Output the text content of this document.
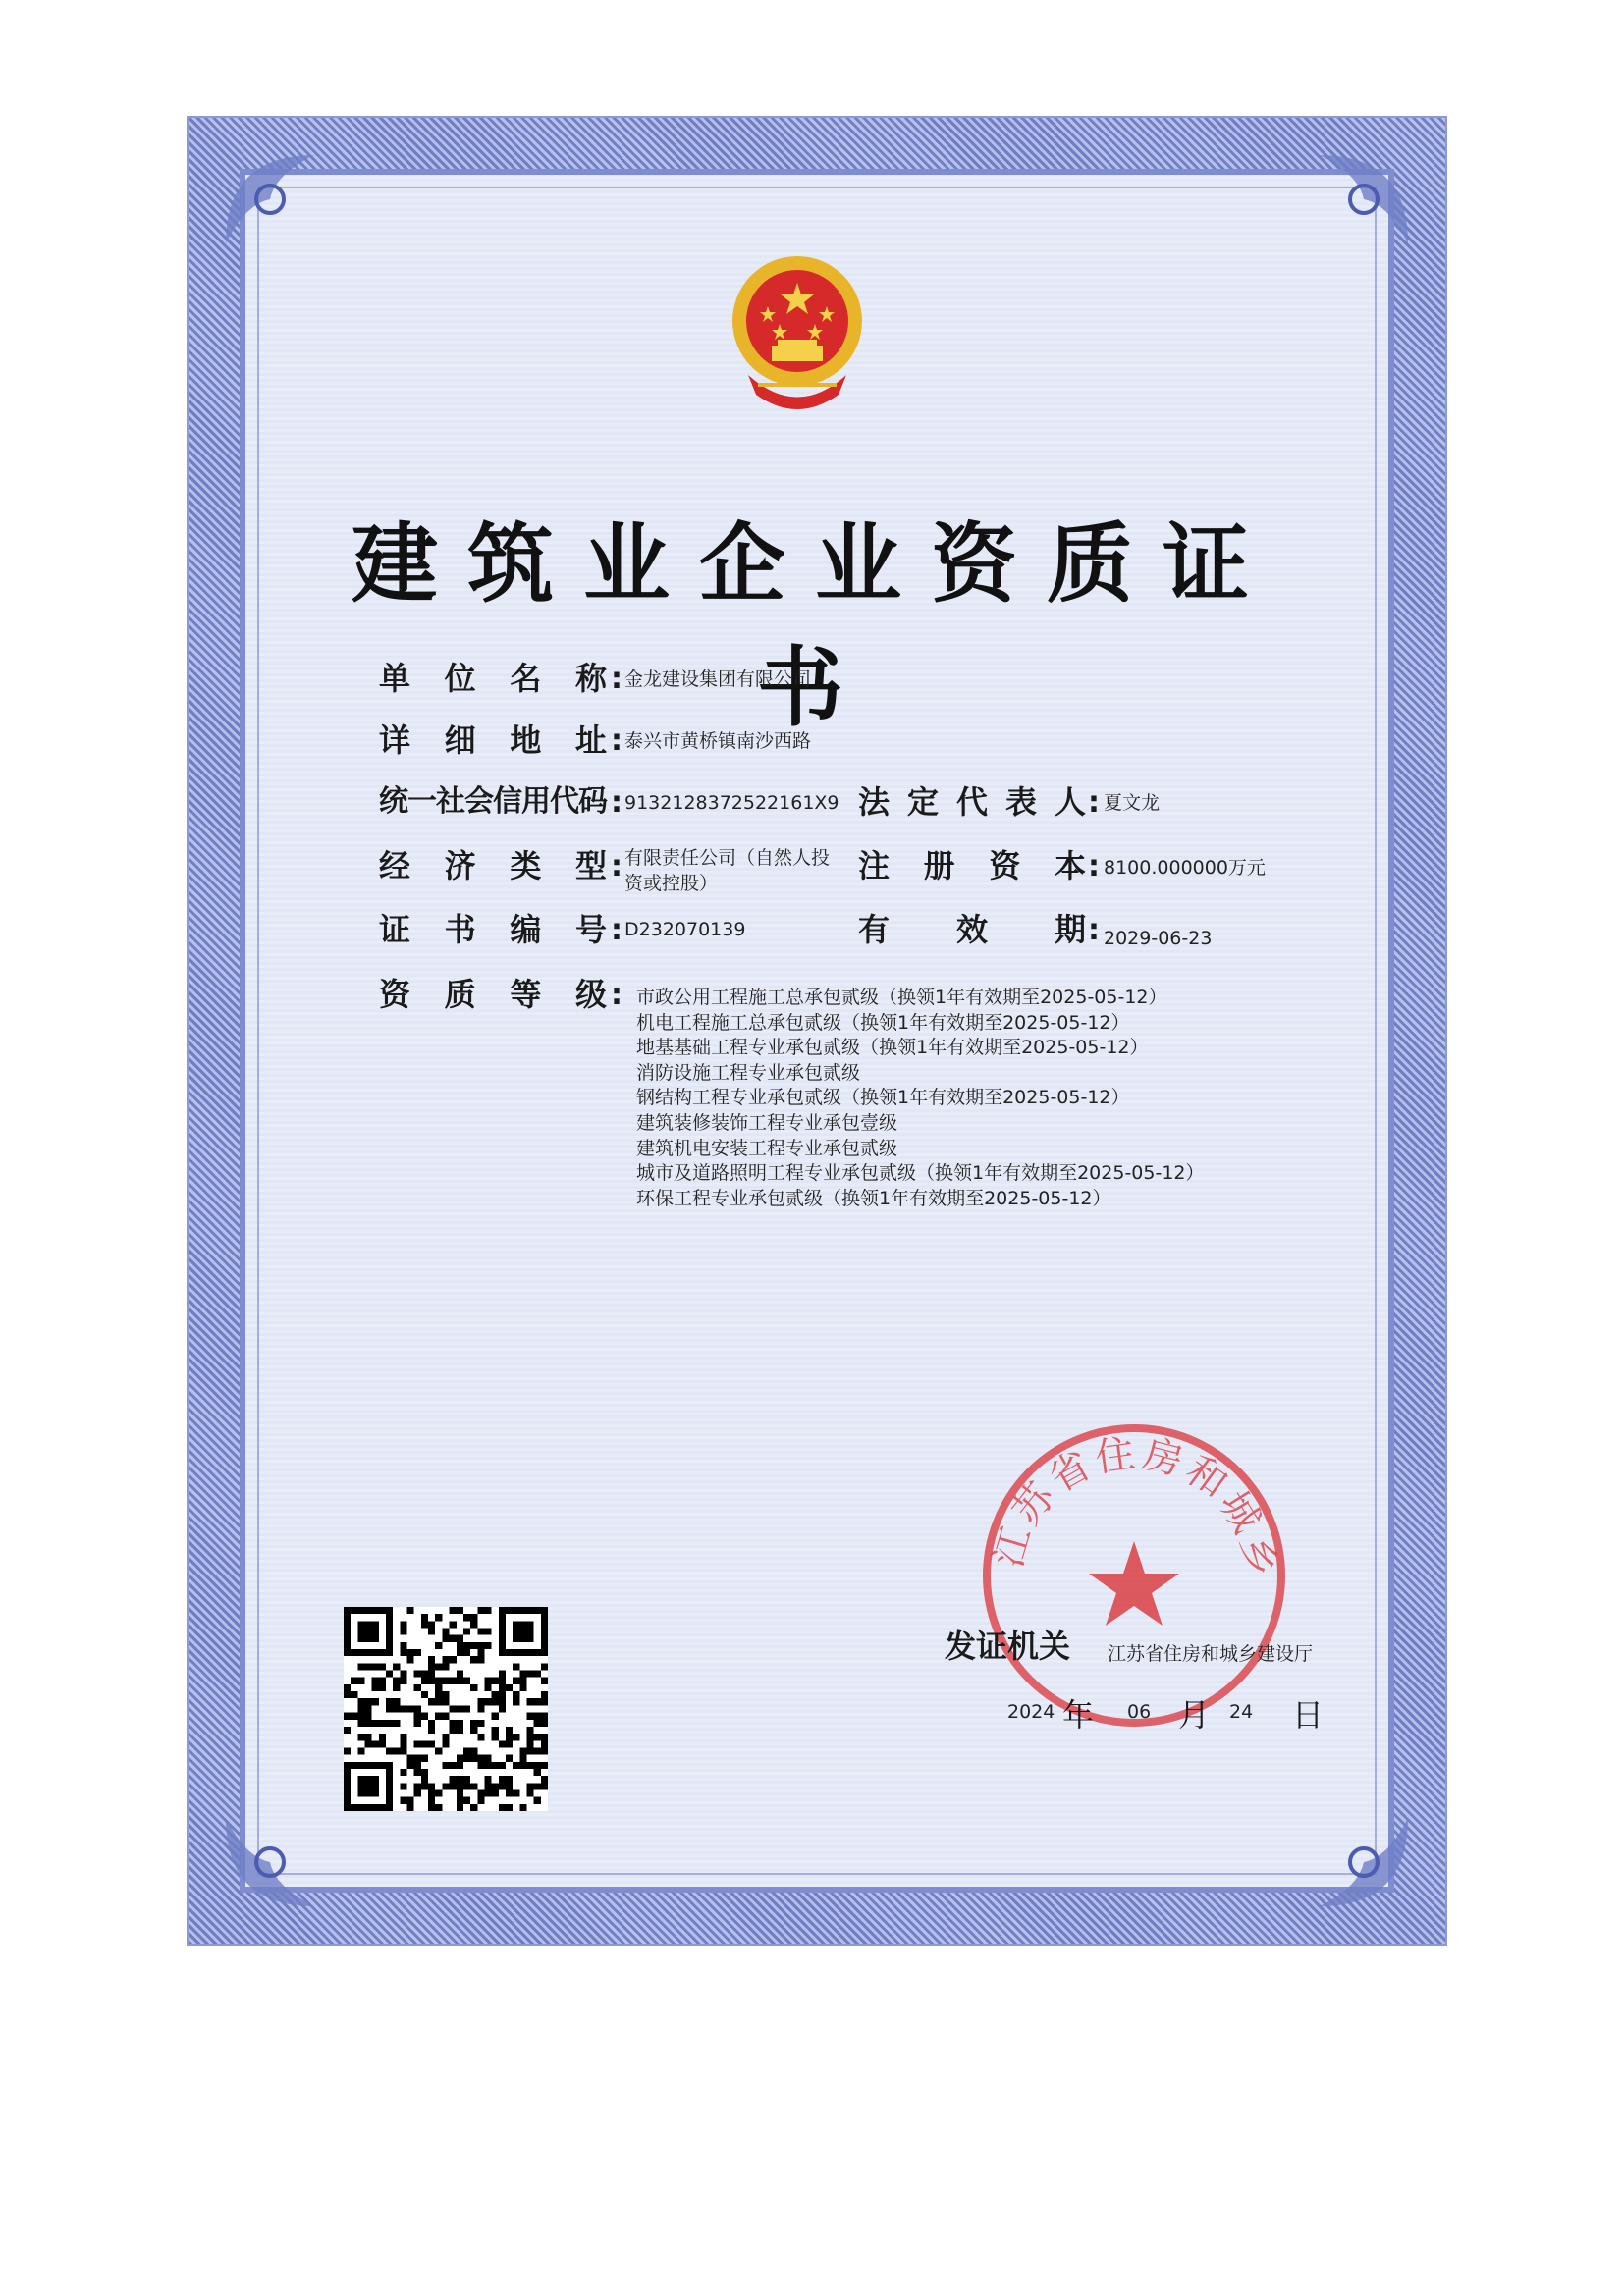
建筑业企业资质证书
单位名称 : 金龙建设集团有限公司
详细地址 : 泰兴市黄桥镇南沙西路
统一社会信用代码 : 9132128372522161X9 法定代表人 : 夏文龙
经济类型 : 有限责任公司（自然人投
资或控股）	注册资本 : 8100.000000万元
证书编号 : D232070139	有效期 : 2029-06-23
资质等级 : 市政公用工程施工总承包贰级（换领1年有效期至2025-05-12）
机电工程施工总承包贰级（换领1年有效期至2025-05-12）
地基基础工程专业承包贰级（换领1年有效期至2025-05-12）
消防设施工程专业承包贰级
钢结构工程专业承包贰级（换领1年有效期至2025-05-12）
建筑装修装饰工程专业承包壹级
建筑机电安装工程专业承包贰级
城市及道路照明工程专业承包贰级（换领1年有效期至2025-05-12）
环保工程专业承包贰级（换领1年有效期至2025-05-12）
江苏省住房和城乡
发证机关 江苏省住房和城乡建设厅
2024 年 06 月 24 日
